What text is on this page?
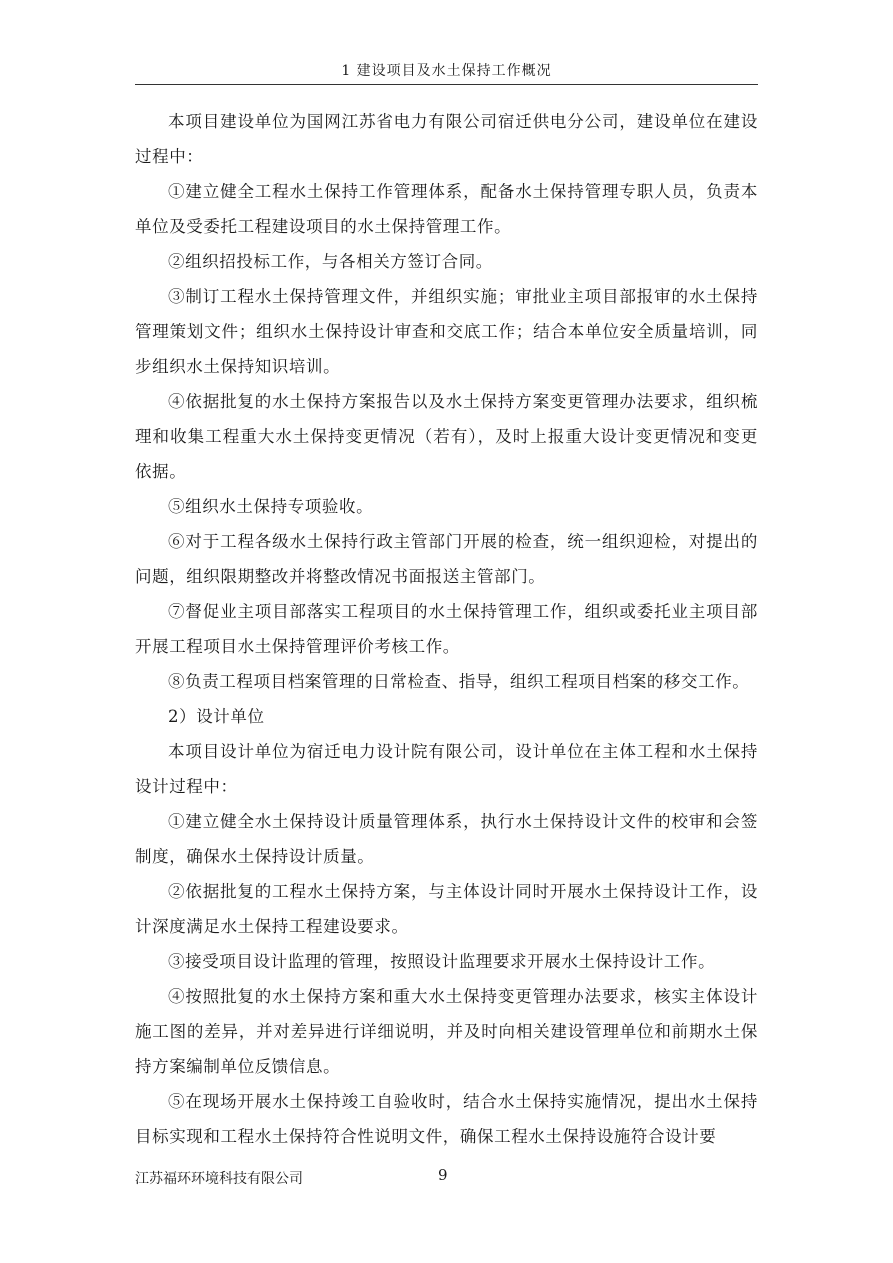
1 建设项目及水土保持工作概况

本项目建设单位为国网江苏省电力有限公司宿迁供电分公司，建设单位在建设过程中：

①建立健全工程水土保持工作管理体系，配备水土保持管理专职人员，负责本单位及受委托工程建设项目的水土保持管理工作。

②组织招投标工作，与各相关方签订合同。

③制订工程水土保持管理文件，并组织实施；审批业主项目部报审的水土保持管理策划文件；组织水土保持设计审查和交底工作；结合本单位安全质量培训，同步组织水土保持知识培训。

④依据批复的水土保持方案报告以及水土保持方案变更管理办法要求，组织梳理和收集工程重大水土保持变更情况（若有），及时上报重大设计变更情况和变更依据。

⑤组织水土保持专项验收。

⑥对于工程各级水土保持行政主管部门开展的检查，统一组织迎检，对提出的问题，组织限期整改并将整改情况书面报送主管部门。

⑦督促业主项目部落实工程项目的水土保持管理工作，组织或委托业主项目部开展工程项目水土保持管理评价考核工作。

⑧负责工程项目档案管理的日常检查、指导，组织工程项目档案的移交工作。

2）设计单位

本项目设计单位为宿迁电力设计院有限公司，设计单位在主体工程和水土保持设计过程中：

①建立健全水土保持设计质量管理体系，执行水土保持设计文件的校审和会签制度，确保水土保持设计质量。

②依据批复的工程水土保持方案，与主体设计同时开展水土保持设计工作，设计深度满足水土保持工程建设要求。

③接受项目设计监理的管理，按照设计监理要求开展水土保持设计工作。

④按照批复的水土保持方案和重大水土保持变更管理办法要求，核实主体设计施工图的差异，并对差异进行详细说明，并及时向相关建设管理单位和前期水土保持方案编制单位反馈信息。

⑤在现场开展水土保持竣工自验收时，结合水土保持实施情况，提出水土保持目标实现和工程水土保持符合性说明文件，确保工程水土保持设施符合设计要

江苏福环环境科技有限公司	9
